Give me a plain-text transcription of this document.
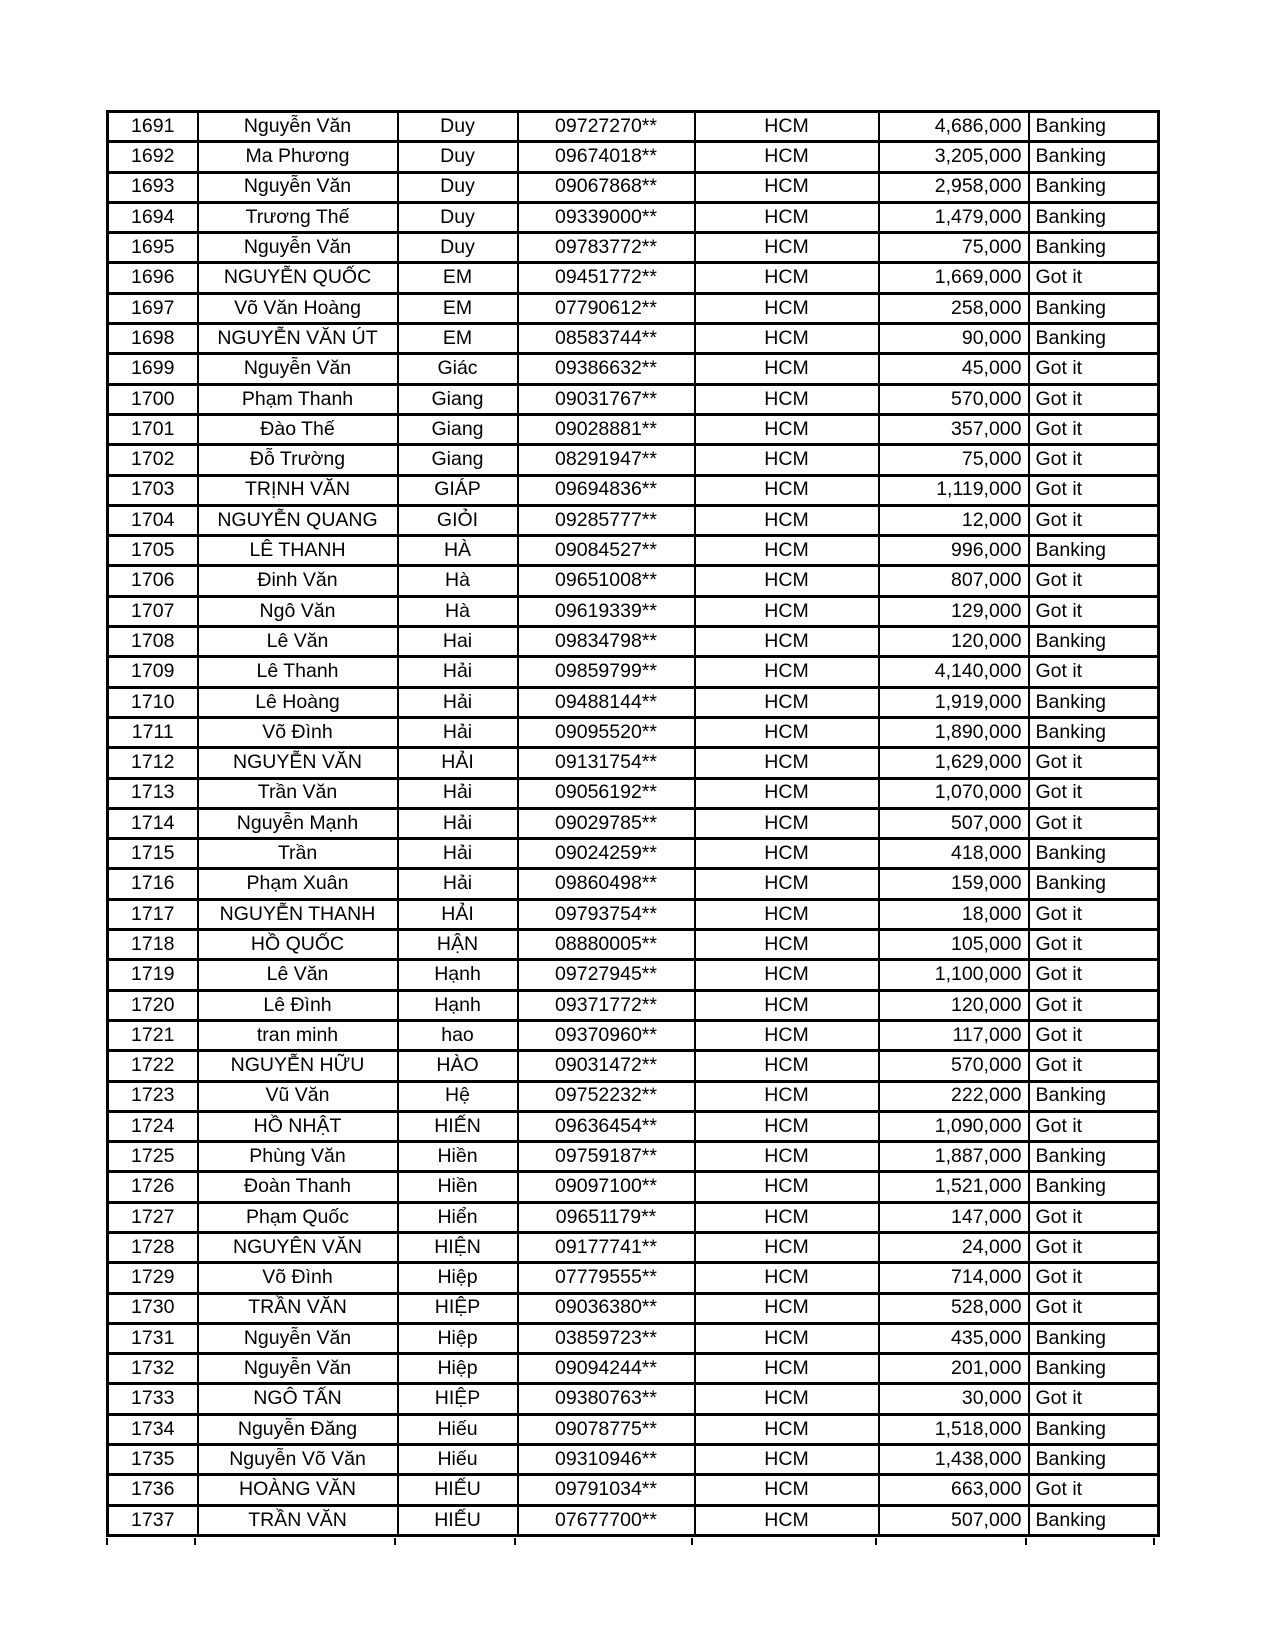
1691	Nguyễn Văn	Duy	09727270**	HCM	4,686,000	Banking
1692	Ma Phương	Duy	09674018**	HCM	3,205,000	Banking
1693	Nguyễn Văn	Duy	09067868**	HCM	2,958,000	Banking
1694	Trương Thế	Duy	09339000**	HCM	1,479,000	Banking
1695	Nguyễn Văn	Duy	09783772**	HCM	75,000	Banking
1696	NGUYỄN QUỐC	EM	09451772**	HCM	1,669,000	Got it
1697	Võ Văn Hoàng	EM	07790612**	HCM	258,000	Banking
1698	NGUYỄN VĂN ÚT	EM	08583744**	HCM	90,000	Banking
1699	Nguyễn Văn	Giác	09386632**	HCM	45,000	Got it
1700	Phạm Thanh	Giang	09031767**	HCM	570,000	Got it
1701	Đào Thế	Giang	09028881**	HCM	357,000	Got it
1702	Đỗ Trường	Giang	08291947**	HCM	75,000	Got it
1703	TRỊNH VĂN	GIÁP	09694836**	HCM	1,119,000	Got it
1704	NGUYỄN QUANG	GIỎI	09285777**	HCM	12,000	Got it
1705	LÊ THANH	HÀ	09084527**	HCM	996,000	Banking
1706	Đinh Văn	Hà	09651008**	HCM	807,000	Got it
1707	Ngô Văn	Hà	09619339**	HCM	129,000	Got it
1708	Lê Văn	Hai	09834798**	HCM	120,000	Banking
1709	Lê Thanh	Hải	09859799**	HCM	4,140,000	Got it
1710	Lê Hoàng	Hải	09488144**	HCM	1,919,000	Banking
1711	Võ Đình	Hải	09095520**	HCM	1,890,000	Banking
1712	NGUYỄN VĂN	HẢI	09131754**	HCM	1,629,000	Got it
1713	Trần Văn	Hải	09056192**	HCM	1,070,000	Got it
1714	Nguyễn Mạnh	Hải	09029785**	HCM	507,000	Got it
1715	Trần	Hải	09024259**	HCM	418,000	Banking
1716	Phạm Xuân	Hải	09860498**	HCM	159,000	Banking
1717	NGUYỄN THANH	HẢI	09793754**	HCM	18,000	Got it
1718	HỒ QUỐC	HẬN	08880005**	HCM	105,000	Got it
1719	Lê Văn	Hạnh	09727945**	HCM	1,100,000	Got it
1720	Lê Đình	Hạnh	09371772**	HCM	120,000	Got it
1721	tran minh	hao	09370960**	HCM	117,000	Got it
1722	NGUYỄN HỮU	HÀO	09031472**	HCM	570,000	Got it
1723	Vũ Văn	Hệ	09752232**	HCM	222,000	Banking
1724	HỒ NHẬT	HIẾN	09636454**	HCM	1,090,000	Got it
1725	Phùng Văn	Hiền	09759187**	HCM	1,887,000	Banking
1726	Đoàn Thanh	Hiền	09097100**	HCM	1,521,000	Banking
1727	Phạm Quốc	Hiển	09651179**	HCM	147,000	Got it
1728	NGUYÊN VĂN	HIỆN	09177741**	HCM	24,000	Got it
1729	Võ Đình	Hiệp	07779555**	HCM	714,000	Got it
1730	TRẦN VĂN	HIỆP	09036380**	HCM	528,000	Got it
1731	Nguyễn Văn	Hiệp	03859723**	HCM	435,000	Banking
1732	Nguyễn Văn	Hiệp	09094244**	HCM	201,000	Banking
1733	NGÔ TẤN	HIỆP	09380763**	HCM	30,000	Got it
1734	Nguyễn Đăng	Hiếu	09078775**	HCM	1,518,000	Banking
1735	Nguyễn Võ Văn	Hiếu	09310946**	HCM	1,438,000	Banking
1736	HOÀNG VĂN	HIẾU	09791034**	HCM	663,000	Got it
1737	TRẦN VĂN	HIẾU	07677700**	HCM	507,000	Banking
